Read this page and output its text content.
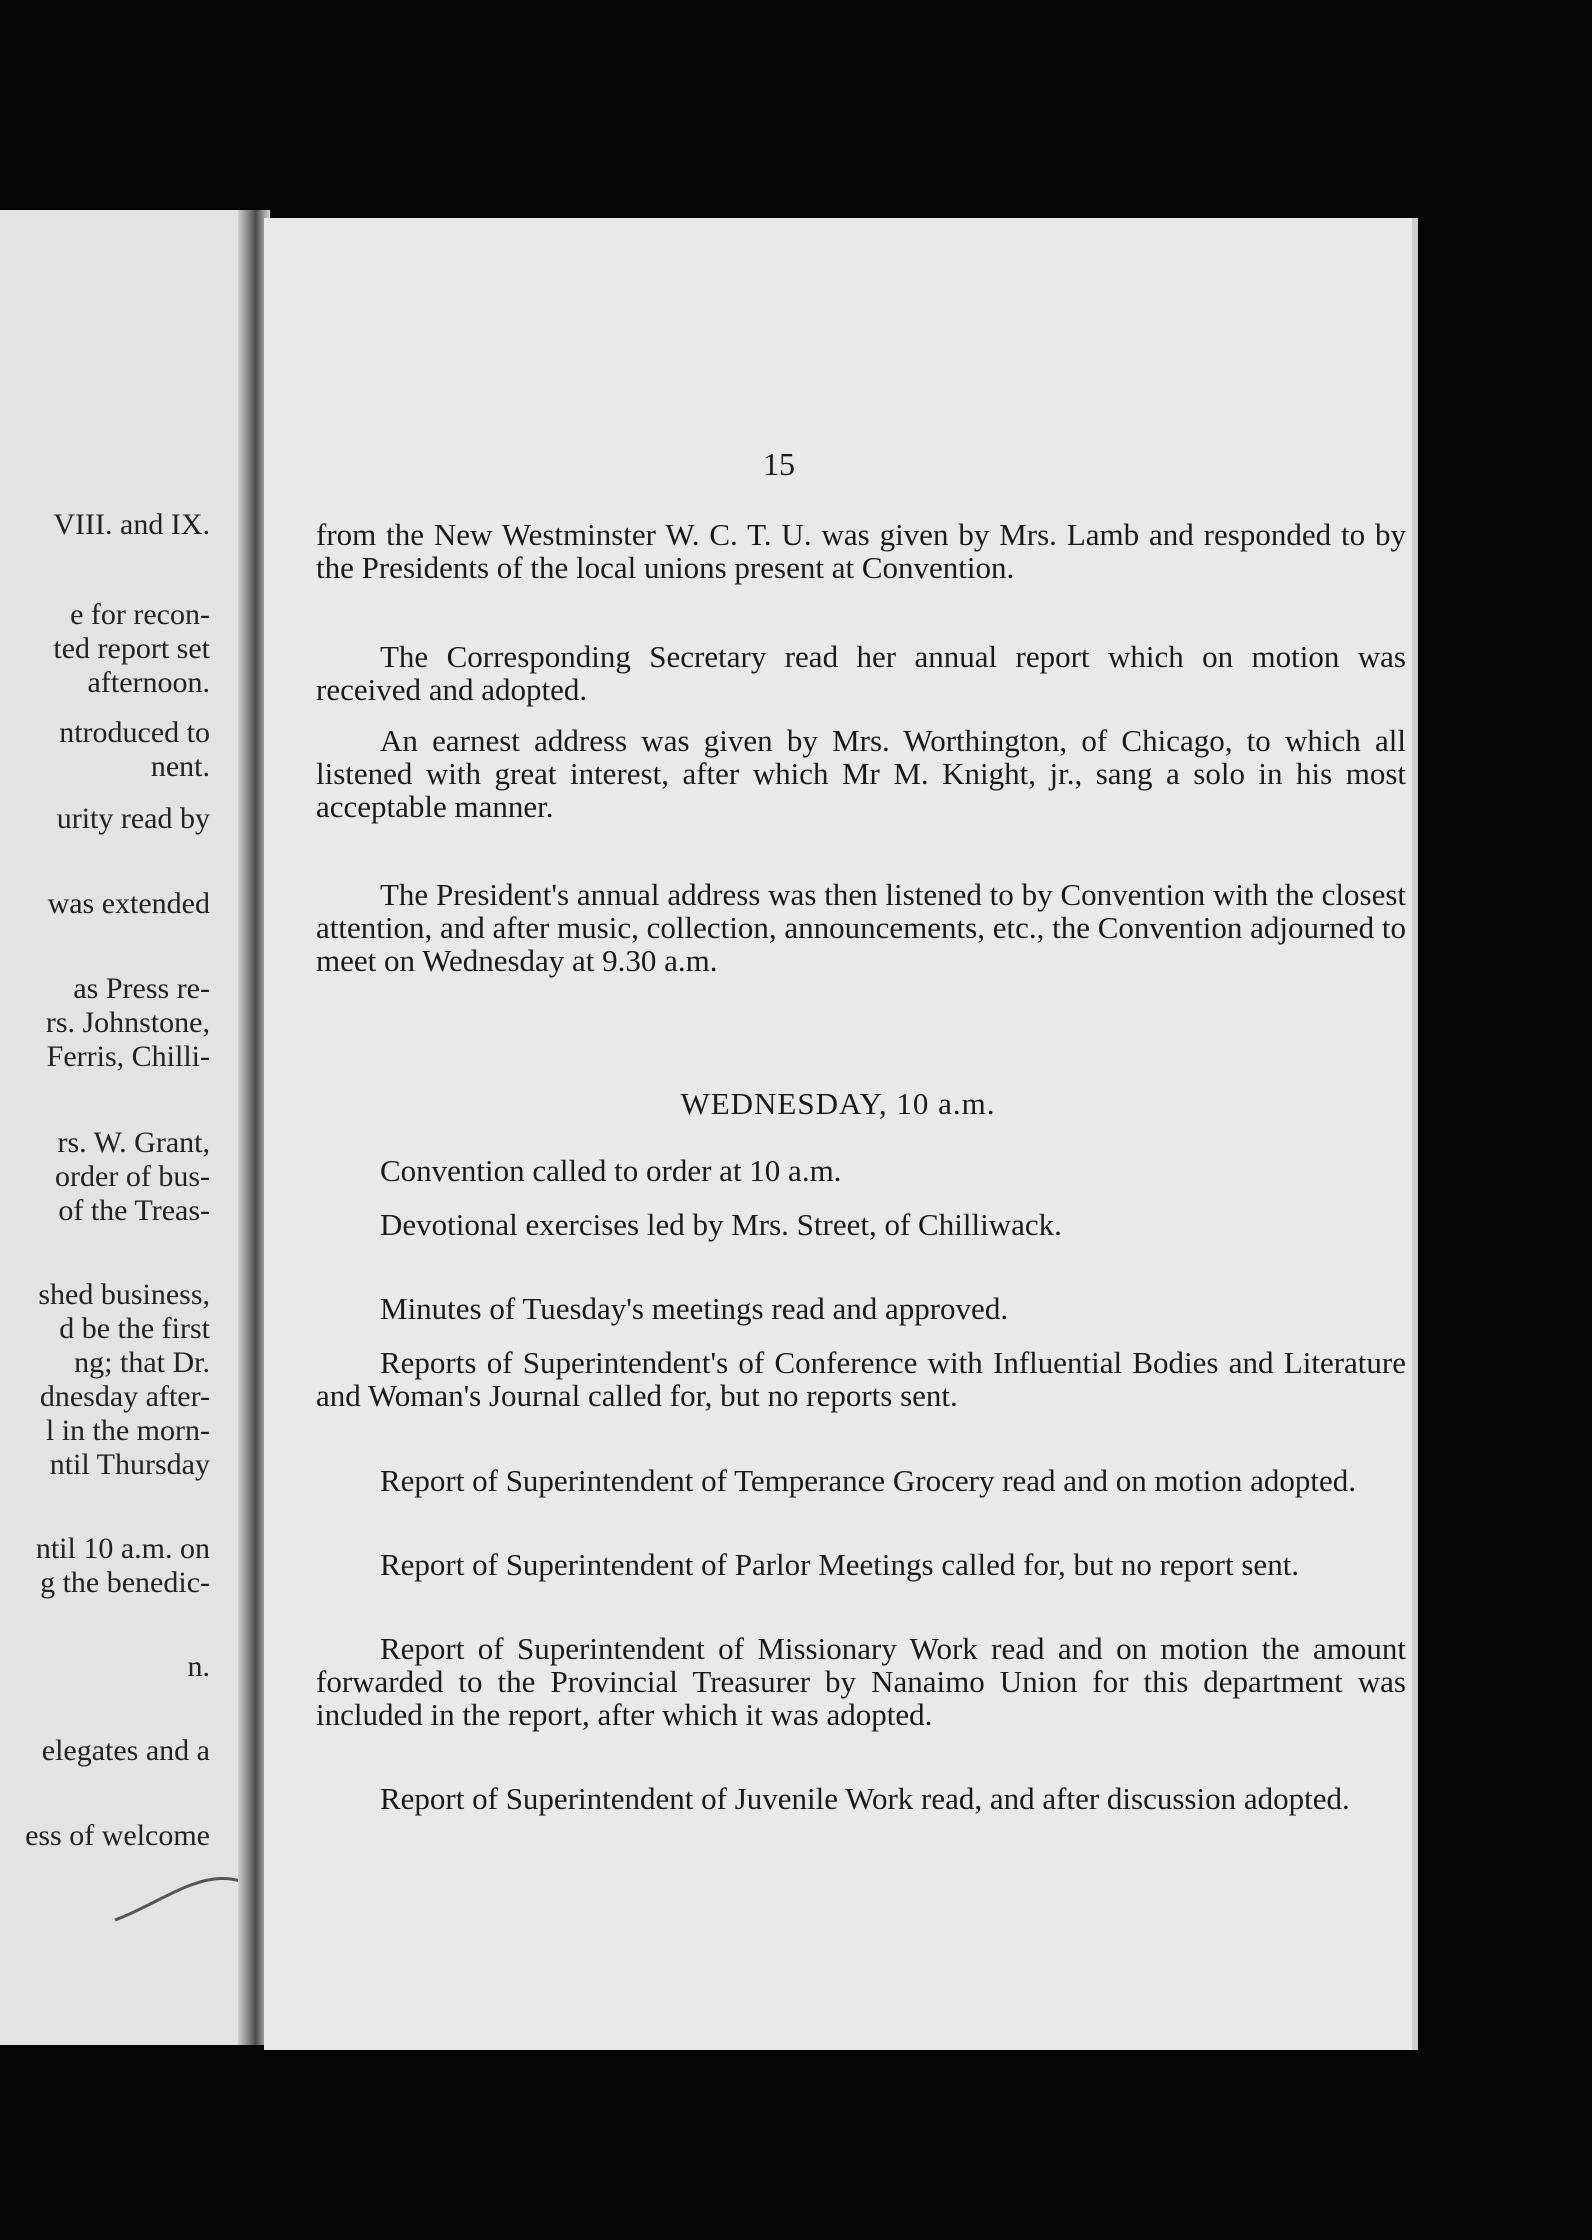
VIII. and IX.
e for recon-
ted report set
afternoon.
ntroduced to
nent.
urity read by
was extended
as Press re-
rs. Johnstone,
Ferris, Chilli-
rs. W. Grant,
order of bus-
of the Treas-
shed business,
d be the first
ng; that Dr.
dnesday after-
l in the morn-
ntil Thursday
ntil 10 a.m. on
g the benedic-
n.
elegates and a
ess of welcome
15

from the New Westminster W. C. T. U. was given by Mrs. Lamb and responded to by the Presidents of the local unions present at Convention.

The Corresponding Secretary read her annual report which on motion was received and adopted.

An earnest address was given by Mrs. Worthington, of Chicago, to which all listened with great interest, after which Mr M. Knight, jr., sang a solo in his most acceptable manner.

The President's annual address was then listened to by Convention with the closest attention, and after music, collection, announcements, etc., the Convention adjourned to meet on Wednesday at 9.30 a.m.

WEDNESDAY, 10 a.m.

Convention called to order at 10 a.m.

Devotional exercises led by Mrs. Street, of Chilliwack.

Minutes of Tuesday's meetings read and approved.

Reports of Superintendent's of Conference with Influential Bodies and Literature and Woman's Journal called for, but no reports sent.

Report of Superintendent of Temperance Grocery read and on motion adopted.

Report of Superintendent of Parlor Meetings called for, but no report sent.

Report of Superintendent of Missionary Work read and on motion the amount forwarded to the Provincial Treasurer by Nanaimo Union for this department was included in the report, after which it was adopted.

Report of Superintendent of Juvenile Work read, and after discussion adopted.
